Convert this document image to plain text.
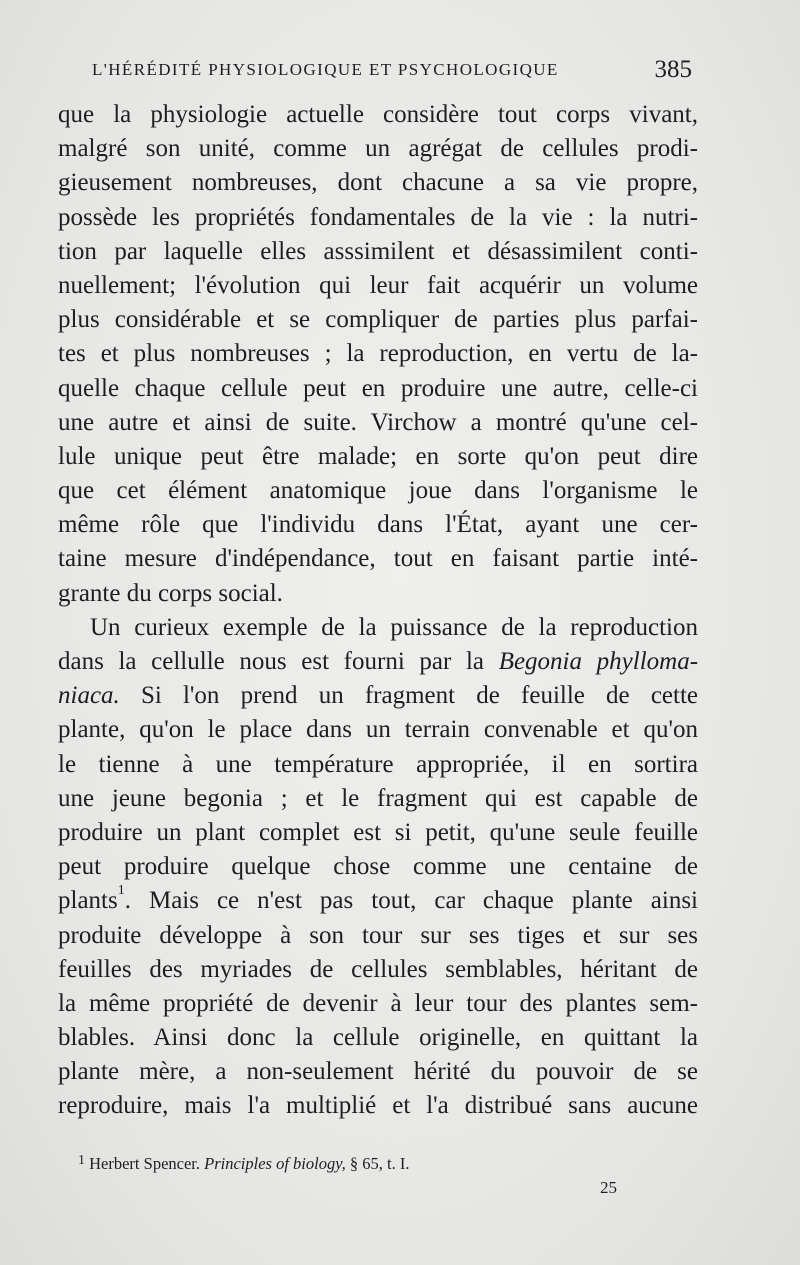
L'HÉRÉDITÉ PHYSIOLOGIQUE ET PSYCHOLOGIQUE	385
que la physiologie actuelle considère tout corps vivant,
malgré son unité, comme un agrégat de cellules prodi-
gieusement nombreuses, dont chacune a sa vie propre,
possède les propriétés fondamentales de la vie : la nutri-
tion par laquelle elles asssimilent et désassimilent conti-
nuellement; l'évolution qui leur fait acquérir un volume
plus considérable et se compliquer de parties plus parfai-
tes et plus nombreuses ; la reproduction, en vertu de la-
quelle chaque cellule peut en produire une autre, celle-ci
une autre et ainsi de suite. Virchow a montré qu'une cel-
lule unique peut être malade; en sorte qu'on peut dire
que cet élément anatomique joue dans l'organisme le
même rôle que l'individu dans l'État, ayant une cer-
taine mesure d'indépendance, tout en faisant partie inté-
grante du corps social.
Un curieux exemple de la puissance de la reproduction
dans la cellulle nous est fourni par la Begonia phylloma-
niaca. Si l'on prend un fragment de feuille de cette
plante, qu'on le place dans un terrain convenable et qu'on
le tienne à une température appropriée, il en sortira
une jeune begonia ; et le fragment qui est capable de
produire un plant complet est si petit, qu'une seule feuille
peut produire quelque chose comme une centaine de
plants$^1$. Mais ce n'est pas tout, car chaque plante ainsi
produite développe à son tour sur ses tiges et sur ses
feuilles des myriades de cellules semblables, héritant de
la même propriété de devenir à leur tour des plantes sem-
blables. Ainsi donc la cellule originelle, en quittant la
plante mère, a non-seulement hérité du pouvoir de se
reproduire, mais l'a multiplié et l'a distribué sans aucune
$^1$ Herbert Spencer. Principles of biology, § 65, t. I.
25
